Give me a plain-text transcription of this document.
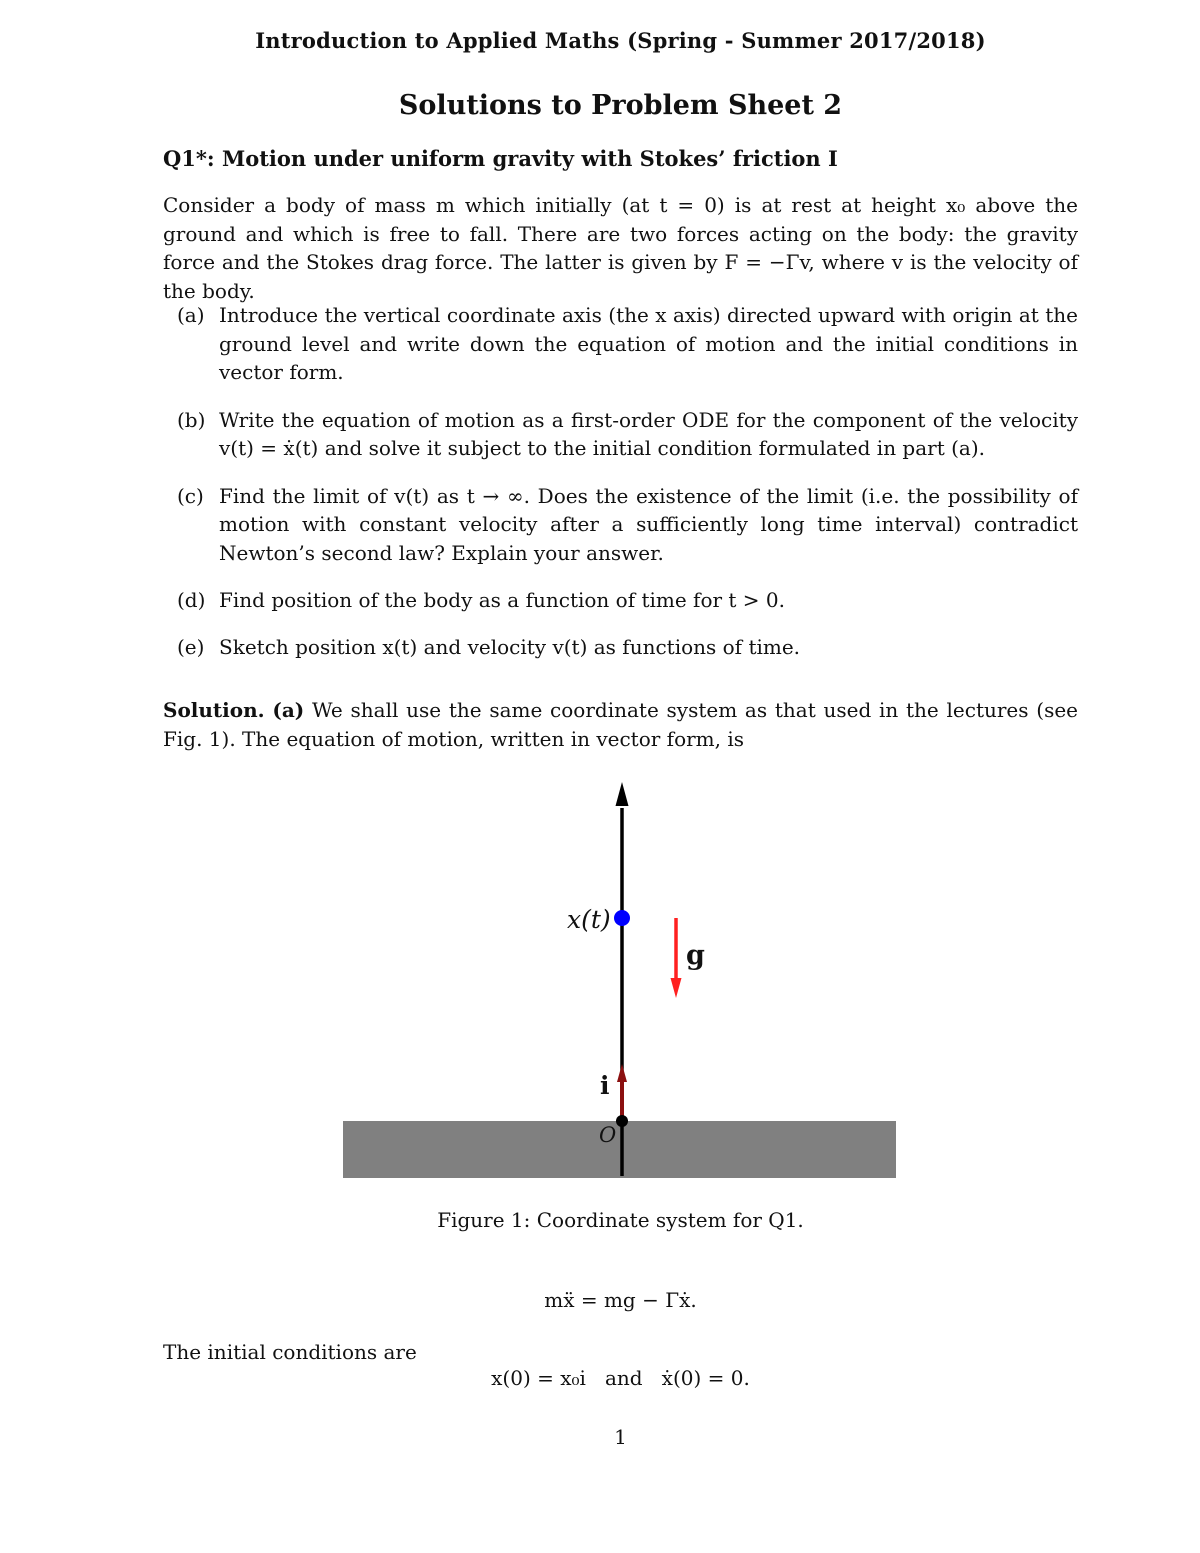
Introduction to Applied Maths (Spring - Summer 2017/2018)
Solutions to Problem Sheet 2
Q1*: Motion under uniform gravity with Stokes’ friction I
Consider a body of mass m which initially (at t = 0) is at rest at height x₀ above the ground and which is free to fall. There are two forces acting on the body: the gravity force and the Stokes drag force. The latter is given by F = −Γv, where v is the velocity of the body.
(a) Introduce the vertical coordinate axis (the x axis) directed upward with origin at the ground level and write down the equation of motion and the initial conditions in vector form.
(b) Write the equation of motion as a first-order ODE for the component of the velocity v(t) = ẋ(t) and solve it subject to the initial condition formulated in part (a).
(c) Find the limit of v(t) as t → ∞. Does the existence of the limit (i.e. the possibility of motion with constant velocity after a sufficiently long time interval) contradict Newton’s second law? Explain your answer.
(d) Find position of the body as a function of time for t > 0.
(e) Sketch position x(t) and velocity v(t) as functions of time.
Solution. (a) We shall use the same coordinate system as that used in the lectures (see Fig. 1). The equation of motion, written in vector form, is
x(t)
g
i
O
Figure 1: Coordinate system for Q1.
mẍ = mg − Γẋ.
The initial conditions are
x(0) = x₀i   and   ẋ(0) = 0.
1
